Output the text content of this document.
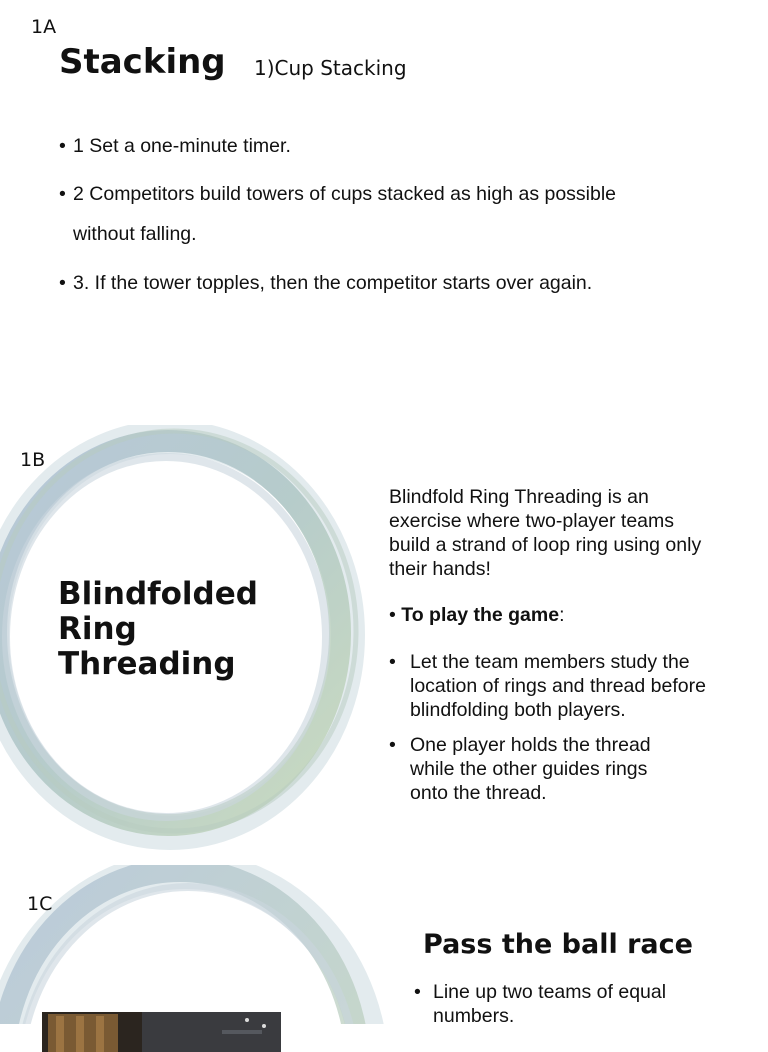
1A
Stacking 1)Cup Stacking
• 1 Set a one-minute timer.
• 2 Competitors build towers of cups stacked as high as possible without falling.
• 3. If the tower topples, then the competitor starts over again.
1B
Blindfolded
Ring
Threading
Blindfold Ring Threading is an exercise where two-player teams build a strand of loop ring using only their hands!
• To play the game:
• Let the team members study the location of rings and thread before blindfolding both players.
• One player holds the thread while the other guides rings onto the thread.
1C
Pass the ball race
• Line up two teams of equal numbers.
